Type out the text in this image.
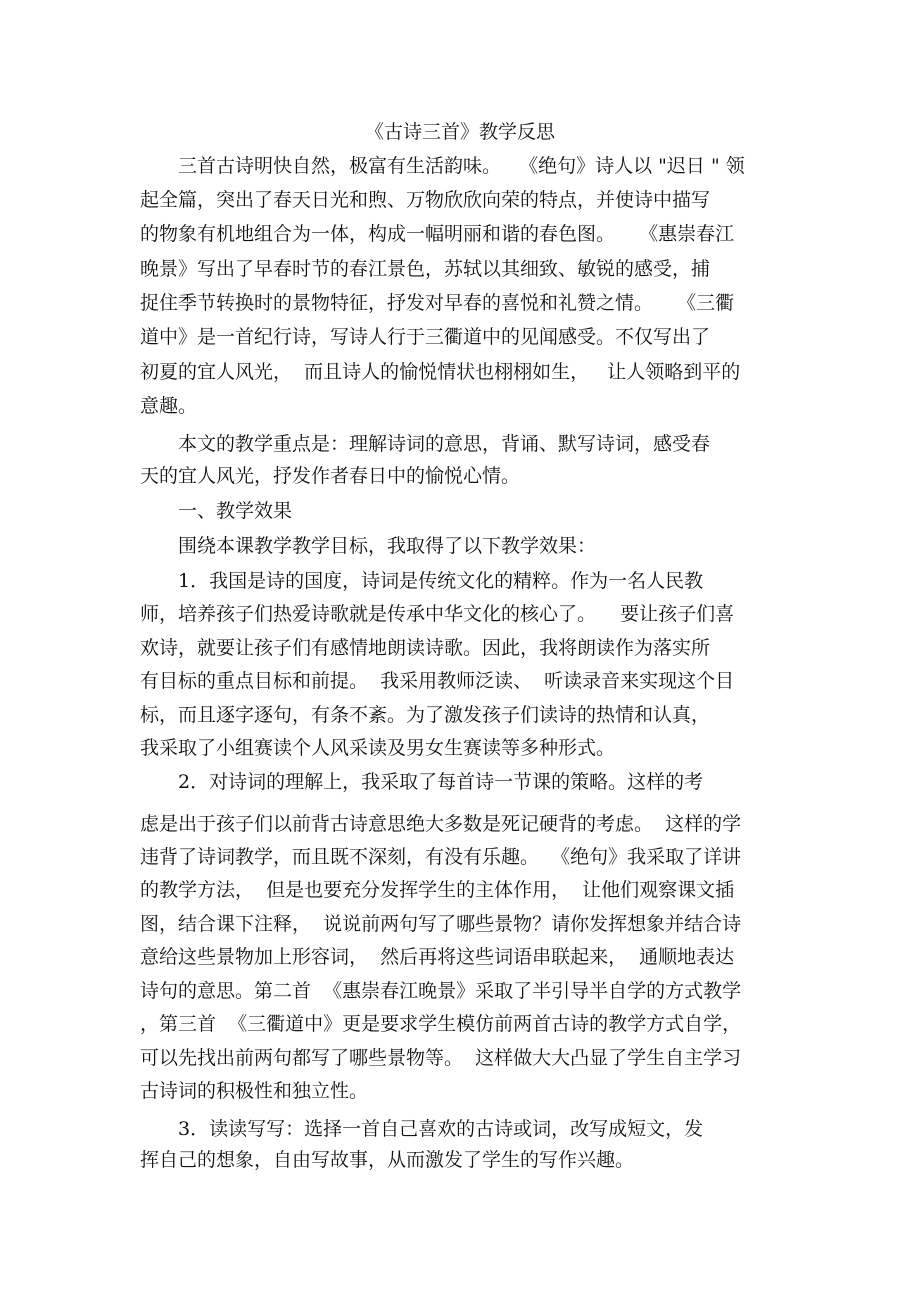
《古诗三首》教学反思
三首古诗明快自然，极富有生活韵味。   《绝句》诗人以 "迟日 " 领
起全篇，突出了春天日光和煦、万物欣欣向荣的特点，并使诗中描写
的物象有机地组合为一体，构成一幅明丽和谐的春色图。    《惠崇春江
晚景》写出了早春时节的春江景色，苏轼以其细致、敏锐的感受，捕
捉住季节转换时的景物特征，抒发对早春的喜悦和礼赞之情。    《三衢
道中》是一首纪行诗，写诗人行于三衢道中的见闻感受。不仅写出了
初夏的宜人风光，  而且诗人的愉悦情状也栩栩如生，   让人领略到平的
意趣。
本文的教学重点是：理解诗词的意思，背诵、默写诗词，感受春
天的宜人风光，抒发作者春日中的愉悦心情。
一、教学效果
围绕本课教学教学目标，我取得了以下教学效果：
1．我国是诗的国度，诗词是传统文化的精粹。作为一名人民教
师，培养孩子们热爱诗歌就是传承中华文化的核心了。    要让孩子们喜
欢诗，就要让孩子们有感情地朗读诗歌。因此，我将朗读作为落实所
有目标的重点目标和前提。  我采用教师泛读、  听读录音来实现这个目
标，而且逐字逐句，有条不紊。为了激发孩子们读诗的热情和认真，
我采取了小组赛读个人风采读及男女生赛读等多种形式。
2．对诗词的理解上，我采取了每首诗一节课的策略。这样的考
虑是出于孩子们以前背古诗意思绝大多数是死记硬背的考虑。  这样的学
违背了诗词教学，而且既不深刻，有没有乐趣。  《绝句》我采取了详讲
的教学方法，  但是也要充分发挥学生的主体作用，  让他们观察课文插
图，结合课下注释，  说说前两句写了哪些景物？请你发挥想象并结合诗
意给这些景物加上形容词，  然后再将这些词语串联起来，  通顺地表达
诗句的意思。第二首  《惠崇春江晚景》采取了半引导半自学的方式教学
，第三首  《三衢道中》更是要求学生模仿前两首古诗的教学方式自学，
可以先找出前两句都写了哪些景物等。  这样做大大凸显了学生自主学习
古诗词的积极性和独立性。
3．读读写写：选择一首自己喜欢的古诗或词，改写成短文，发
挥自己的想象，自由写故事，从而激发了学生的写作兴趣。
